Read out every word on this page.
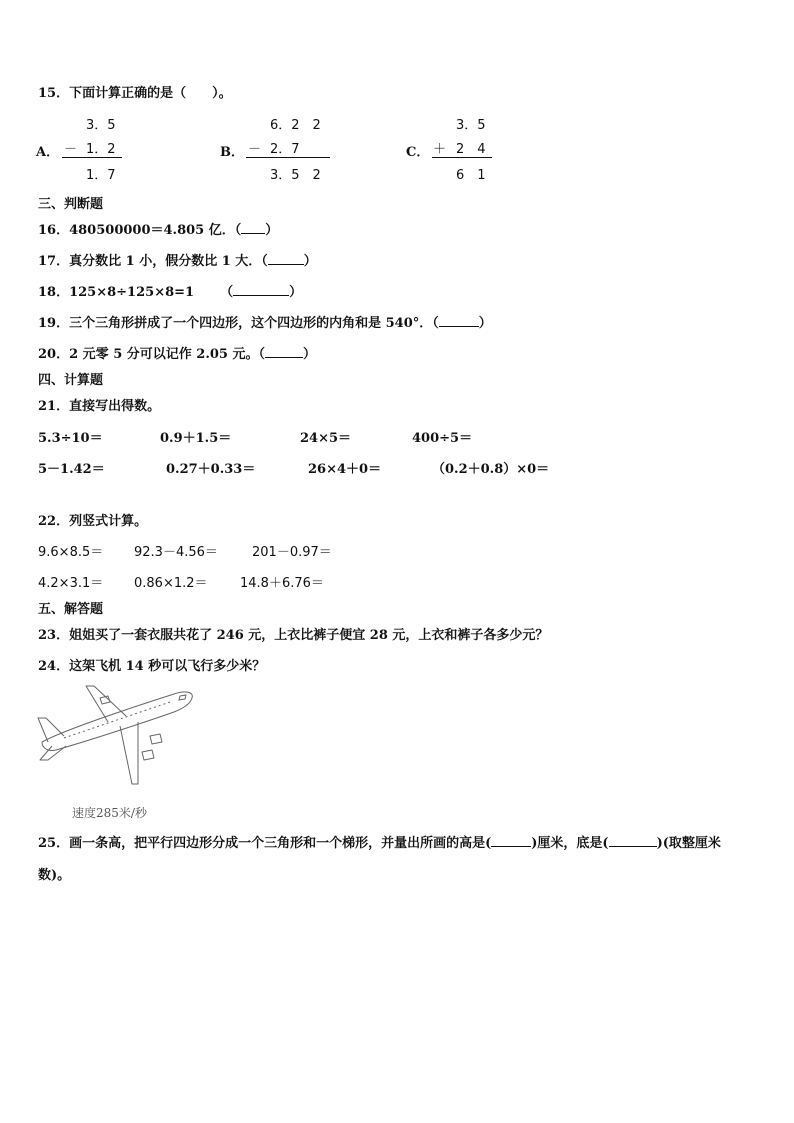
15．下面计算正确的是（　　）。
A．
3．5
－ 1．2
1．7
B．
6．2　2
－ 2．7
3．5　2
C．
3．5
＋ 2　4
6　1
三、判断题
16．480500000＝4.805 亿．（ ）
17．真分数比 1 小，假分数比 1 大．（	）
18．125×8÷125×8=1 （	）
19．三个三角形拼成了一个四边形，这个四边形的内角和是 540°．（	）
20．2 元零 5 分可以记作 2.05 元。（	）
四、计算题
21．直接写出得数。
5.3÷10＝	0.9＋1.5＝	24×5＝	400÷5＝
5－1.42＝	0.27＋0.33＝	26×4＋0＝	（0.2＋0.8）×0＝
22．列竖式计算。
9.6×8.5＝ 92.3－4.56＝	201－0.97＝
4.2×3.1＝ 0.86×1.2＝ 14.8＋6.76＝
五、解答题
23．姐姐买了一套衣服共花了 246 元，上衣比裤子便宜 28 元，上衣和裤子各多少元？
24．这架飞机 14 秒可以飞行多少米？
速度285米/秒
25．画一条高，把平行四边形分成一个三角形和一个梯形，并量出所画的高是(	)厘米，底是(	)(取整厘米
数)。
